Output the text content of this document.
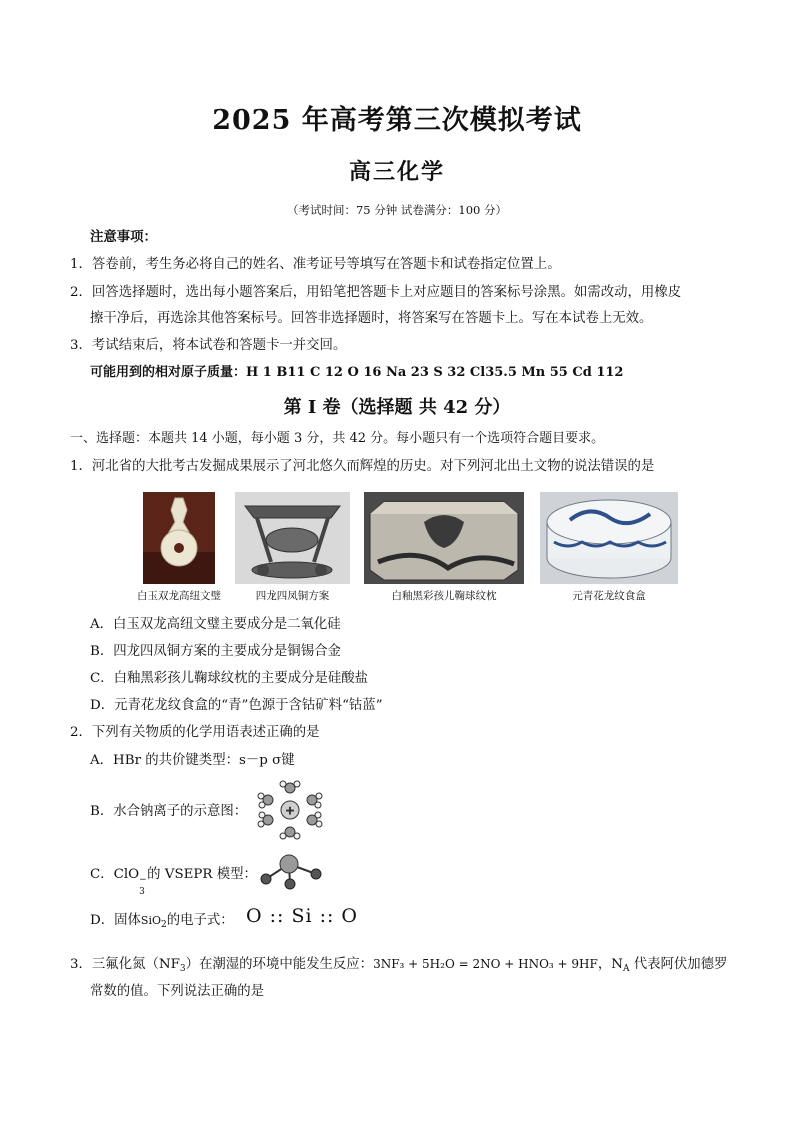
2025 年高考第三次模拟考试
高三化学
（考试时间：75 分钟 试卷满分：100 分）
注意事项：
1．答卷前，考生务必将自己的姓名、准考证号等填写在答题卡和试卷指定位置上。
2．回答选择题时，选出每小题答案后，用铅笔把答题卡上对应题目的答案标号涂黑。如需改动，用橡皮
擦干净后，再选涂其他答案标号。回答非选择题时，将答案写在答题卡上。写在本试卷上无效。
3．考试结束后，将本试卷和答题卡一并交回。
可能用到的相对原子质量：H 1 B11 C 12 O 16 Na 23 S 32 Cl35.5 Mn 55 Cd 112
第 I 卷（选择题 共 42 分）
一、选择题：本题共 14 小题，每小题 3 分，共 42 分。每小题只有一个选项符合题目要求。
1．河北省的大批考古发掘成果展示了河北悠久而辉煌的历史。对下列河北出土文物的说法错误的是
白玉双龙高纽文璧	四龙四凤铜方案	白釉黑彩孩儿鞠球纹枕	元青花龙纹食盒
A．白玉双龙高纽文璧主要成分是二氧化硅
B．四龙四凤铜方案的主要成分是铜锡合金
C．白釉黑彩孩儿鞠球纹枕的主要成分是硅酸盐
D．元青花龙纹食盒的“青”色源于含钴矿料“钴蓝”
2．下列有关物质的化学用语表述正确的是
A．HBr 的共价键类型：s－p σ键
B．水合钠离子的示意图：	+
C．ClO −
3
的 VSEPR 模型：
D．固体SiO$_2$的电子式： O :: Si :: O
3．三氟化氮$(NF_3)$在潮湿的环境中能发生反应：3NF₃ + 5H₂O = 2NO + HNO₃ + 9HF，$N_A$ 代表阿伏加德罗
常数的值。下列说法正确的是
